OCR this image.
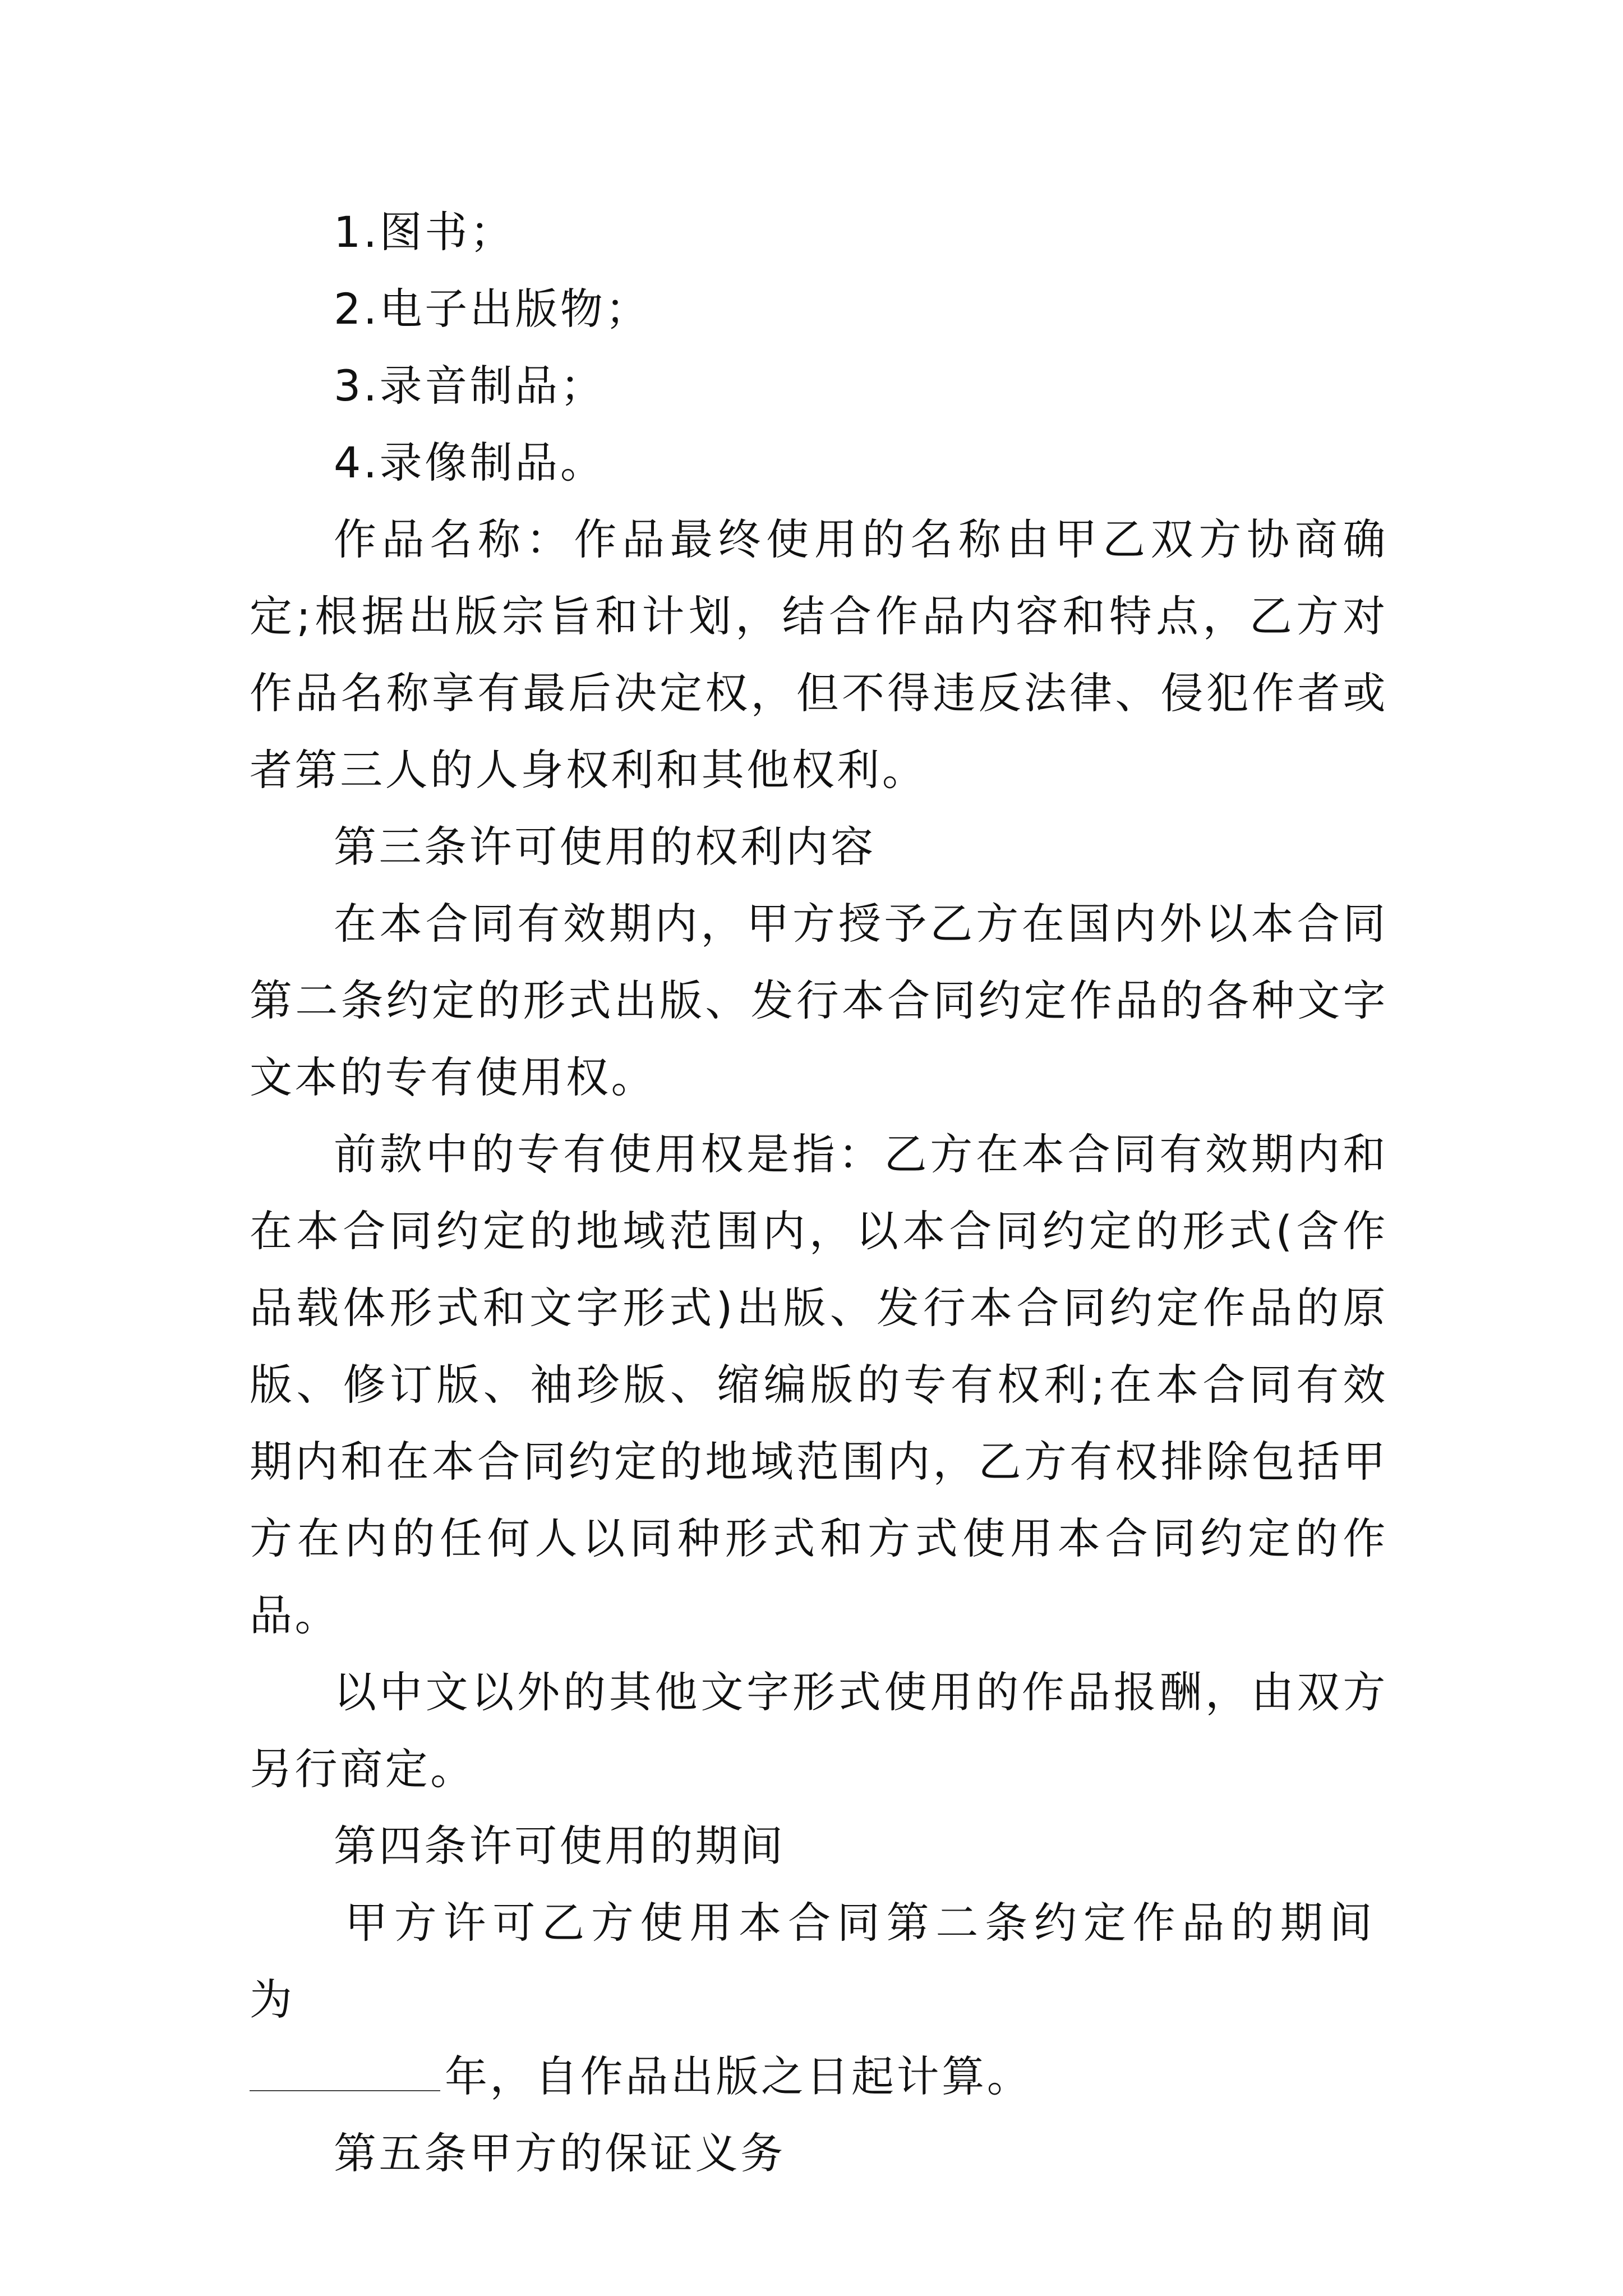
1.图书；

2.电子出版物；

3.录音制品；

4.录像制品。

作品名称：作品最终使用的名称由甲乙双方协商确定;根据出版宗旨和计划，结合作品内容和特点，乙方对作品名称享有最后决定权，但不得违反法律、侵犯作者或者第三人的人身权利和其他权利。

第三条许可使用的权利内容

在本合同有效期内，甲方授予乙方在国内外以本合同第二条约定的形式出版、发行本合同约定作品的各种文字文本的专有使用权。

前款中的专有使用权是指：乙方在本合同有效期内和在本合同约定的地域范围内，以本合同约定的形式(含作品载体形式和文字形式)出版、发行本合同约定作品的原版、修订版、袖珍版、缩编版的专有权利;在本合同有效期内和在本合同约定的地域范围内，乙方有权排除包括甲方在内的任何人以同种形式和方式使用本合同约定的作品。

以中文以外的其他文字形式使用的作品报酬，由双方另行商定。

第四条许可使用的期间

甲方许可乙方使用本合同第二条约定作品的期间为

年，自作品出版之日起计算。

第五条甲方的保证义务
